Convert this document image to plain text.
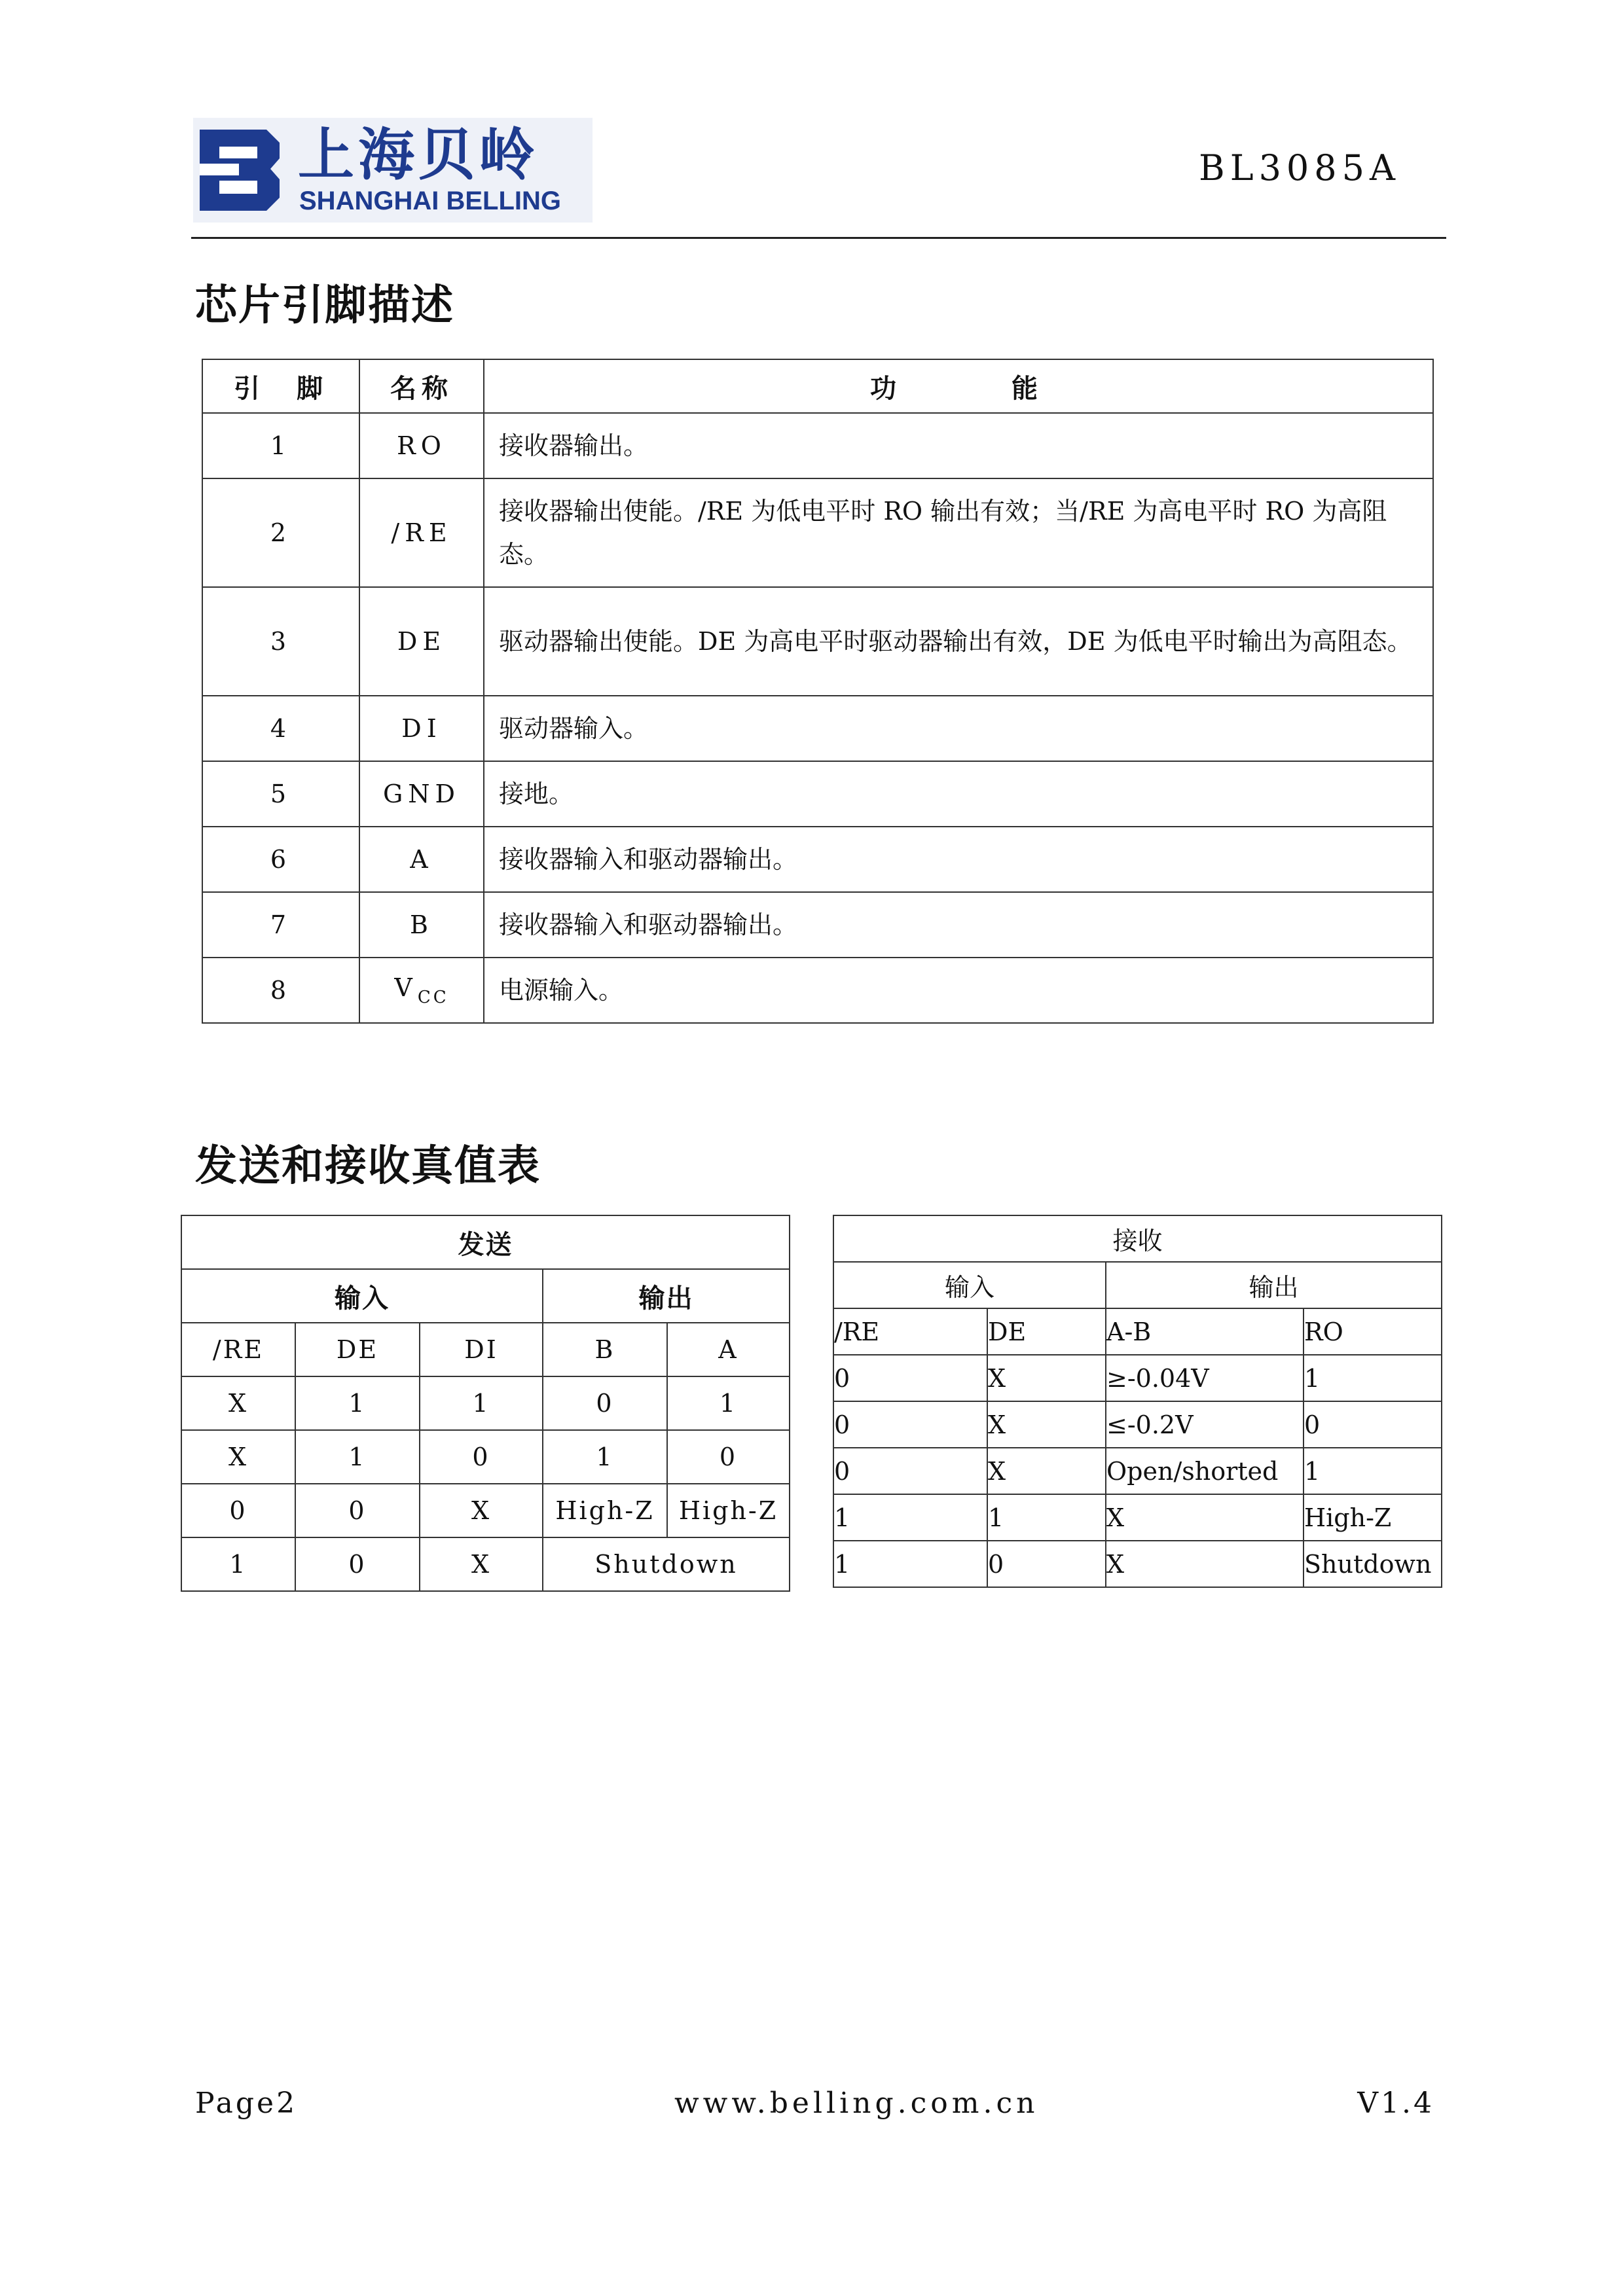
上海贝岭
SHANGHAI BELLING
BL3085A
芯片引脚描述
引　脚	名称	功　　　能
1	RO	接收器输出。
2	/RE	接收器输出使能。/RE 为低电平时 RO 输出有效；当/RE 为高电平时 RO 为高阻态。
3	DE	驱动器输出使能。DE 为高电平时驱动器输出有效，DE 为低电平时输出为高阻态。
4	DI	驱动器输入。
5	GND	接地。
6	A	接收器输入和驱动器输出。
7	B	接收器输入和驱动器输出。
8	$V_{CC}$	电源输入。
发送和接收真值表
发送				
输入			输出	
/RE	DE	DI	B	A
X	1	1	0	1
X	1	0	1	0
0	0	X	High-Z	High-Z
1	0	X	Shutdown	
接收			
输入		输出	
/RE	DE	A-B	RO
0	X	≥-0.04V	1
0	X	≤-0.2V	0
0	X	Open/shorted	1
1	1	X	High-Z
1	0	X	Shutdown
Page2	www.belling.com.cn	V1.4
